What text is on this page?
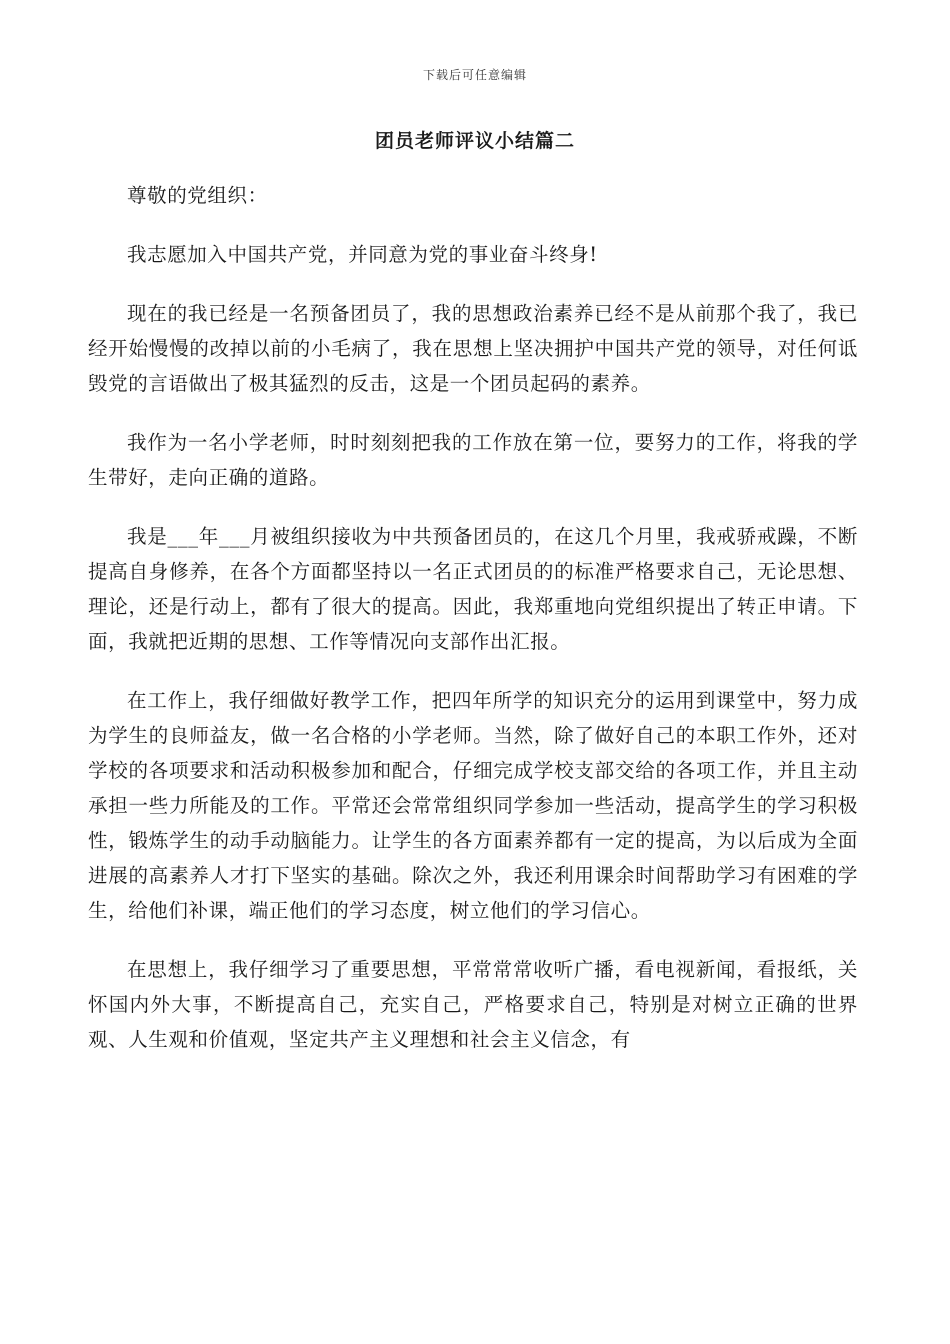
下载后可任意编辑
团员老师评议小结篇二

尊敬的党组织：

我志愿加入中国共产党，并同意为党的事业奋斗终身!

现在的我已经是一名预备团员了，我的思想政治素养已经不是从前那个我了，我已经开始慢慢的改掉以前的小毛病了，我在思想上坚决拥护中国共产党的领导，对任何诋毁党的言语做出了极其猛烈的反击，这是一个团员起码的素养。

我作为一名小学老师，时时刻刻把我的工作放在第一位，要努力的工作，将我的学生带好，走向正确的道路。

我是___年___月被组织接收为中共预备团员的，在这几个月里，我戒骄戒躁，不断提高自身修养，在各个方面都坚持以一名正式团员的的标准严格要求自己，无论思想、理论，还是行动上，都有了很大的提高。因此，我郑重地向党组织提出了转正申请。下面，我就把近期的思想、工作等情况向支部作出汇报。

在工作上，我仔细做好教学工作，把四年所学的知识充分的运用到课堂中，努力成为学生的良师益友，做一名合格的小学老师。当然，除了做好自己的本职工作外，还对学校的各项要求和活动积极参加和配合，仔细完成学校支部交给的各项工作，并且主动承担一些力所能及的工作。平常还会常常组织同学参加一些活动，提高学生的学习积极性，锻炼学生的动手动脑能力。让学生的各方面素养都有一定的提高，为以后成为全面进展的高素养人才打下坚实的基础。除次之外，我还利用课余时间帮助学习有困难的学生，给他们补课，端正他们的学习态度，树立他们的学习信心。

在思想上，我仔细学习了重要思想，平常常常收听广播，看电视新闻，看报纸，关怀国内外大事，不断提高自己，充实自己，严格要求自己，特别是对树立正确的世界观、人生观和价值观，坚定共产主义理想和社会主义信念，有
